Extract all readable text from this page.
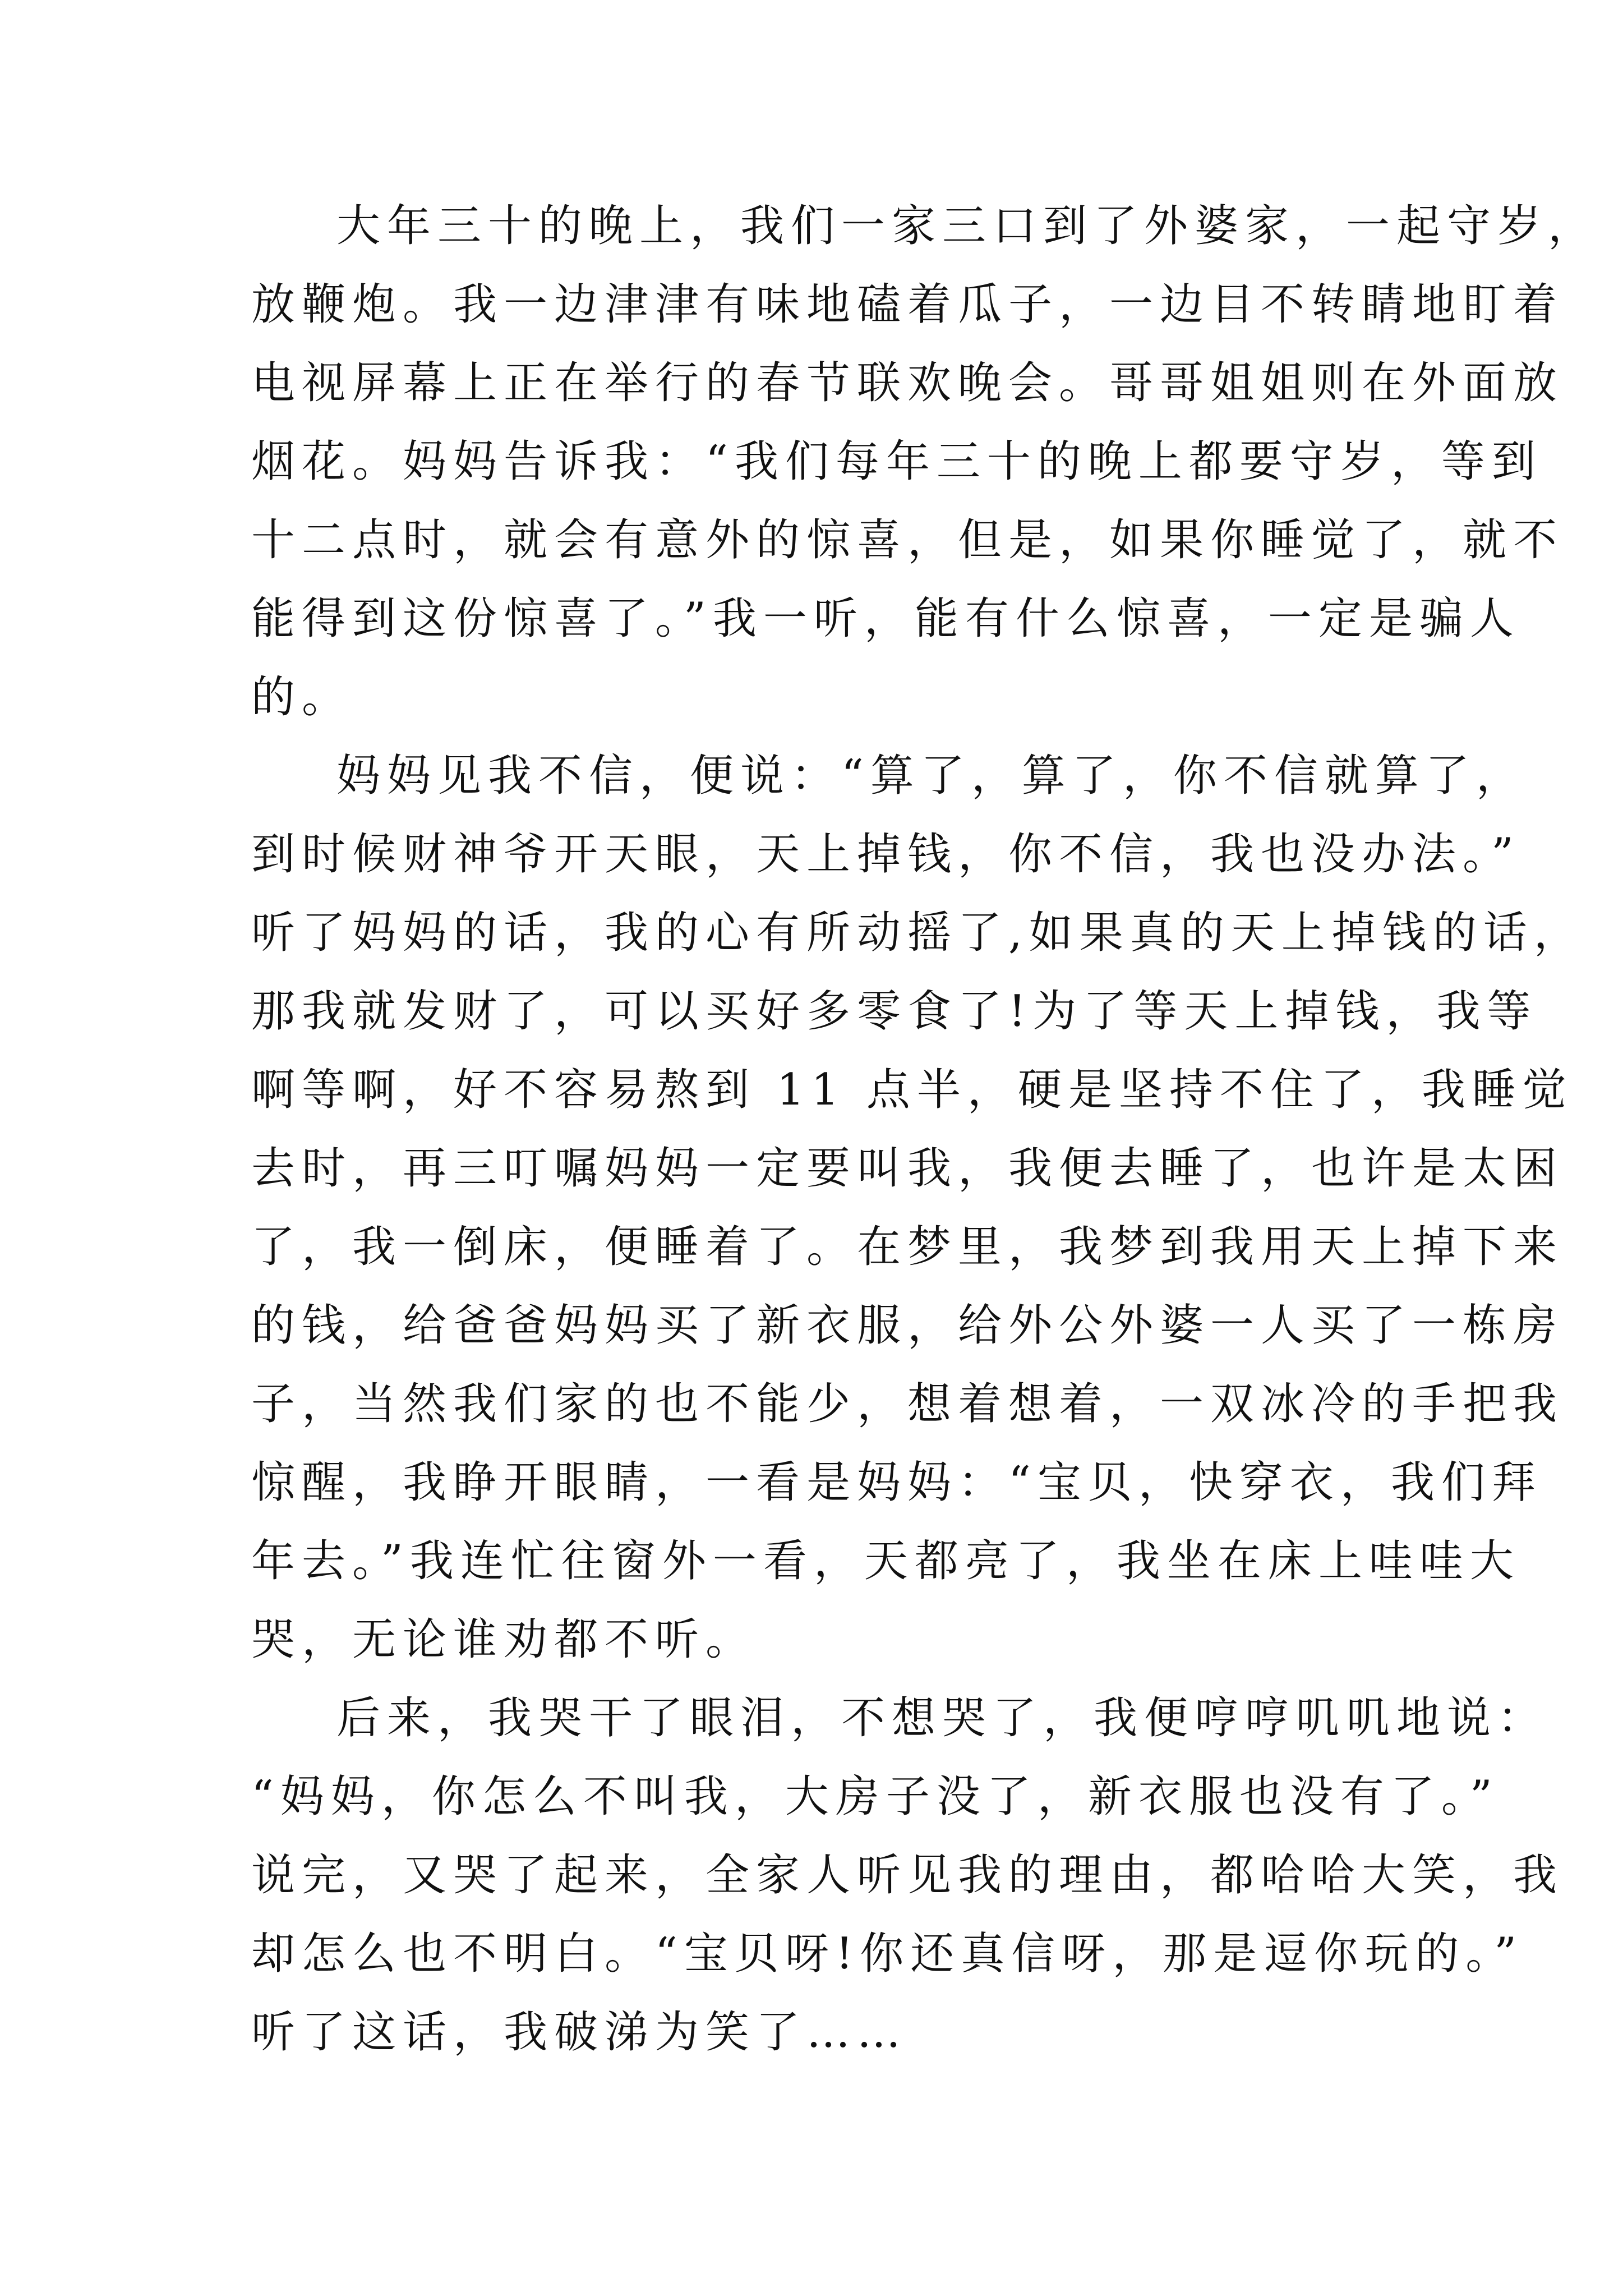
大年三十的晚上，我们一家三口到了外婆家，一起守岁，
放鞭炮。我一边津津有味地磕着瓜子，一边目不转睛地盯着
电视屏幕上正在举行的春节联欢晚会。哥哥姐姐则在外面放
烟花。妈妈告诉我：“我们每年三十的晚上都要守岁，等到
十二点时，就会有意外的惊喜，但是，如果你睡觉了，就不
能得到这份惊喜了。”我一听，能有什么惊喜，一定是骗人
的。
妈妈见我不信，便说：“算了，算了，你不信就算了，
到时候财神爷开天眼，天上掉钱，你不信，我也没办法。”
听了妈妈的话，我的心有所动摇了,如果真的天上掉钱的话，
那我就发财了，可以买好多零食了!为了等天上掉钱，我等
啊等啊，好不容易熬到 11 点半，硬是坚持不住了，我睡觉
去时，再三叮嘱妈妈一定要叫我，我便去睡了，也许是太困
了，我一倒床，便睡着了。在梦里，我梦到我用天上掉下来
的钱，给爸爸妈妈买了新衣服，给外公外婆一人买了一栋房
子，当然我们家的也不能少，想着想着，一双冰冷的手把我
惊醒，我睁开眼睛，一看是妈妈：“宝贝，快穿衣，我们拜
年去。”我连忙往窗外一看，天都亮了，我坐在床上哇哇大
哭，无论谁劝都不听。
后来，我哭干了眼泪，不想哭了，我便哼哼叽叽地说：
“妈妈，你怎么不叫我，大房子没了，新衣服也没有了。”
说完，又哭了起来，全家人听见我的理由，都哈哈大笑，我
却怎么也不明白。“宝贝呀!你还真信呀，那是逗你玩的。”
听了这话，我破涕为笑了……
